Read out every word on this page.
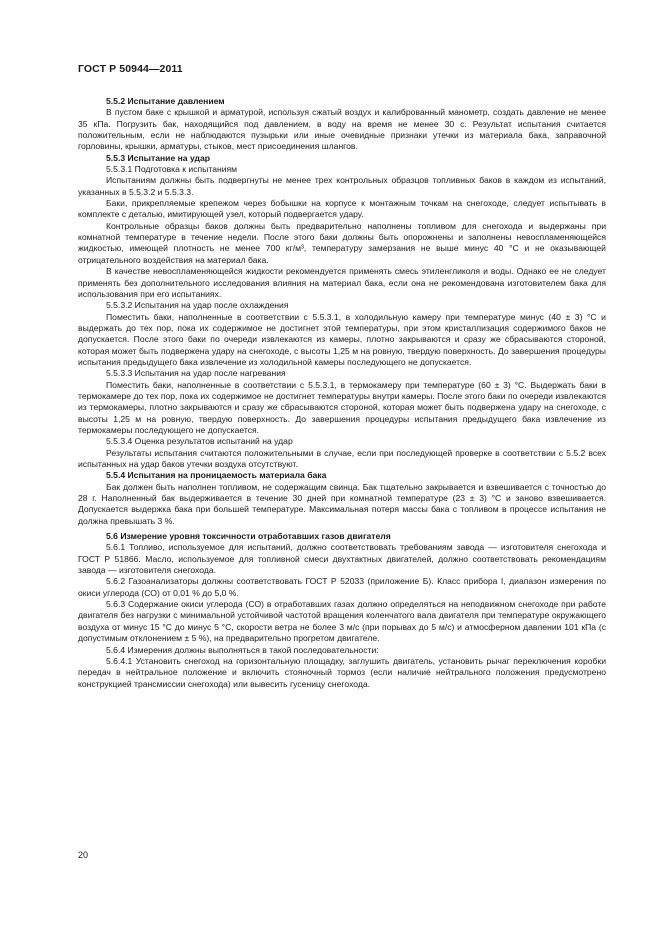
ГОСТ Р 50944—2011

5.5.2 Испытание давлением

В пустом баке с крышкой и арматурой, используя сжатый воздух и калиброванный манометр, создать давление не менее 35 кПа. Погрузить бак, находящийся под давлением, в воду на время не менее 30 с. Результат испытания считается положительным, если не наблюдаются пузырьки или иные очевидные признаки утечки из материала бака, заправочной горловины, крышки, арматуры, стыков, мест присоединения шлангов.

5.5.3 Испытание на удар

5.5.3.1 Подготовка к испытаниям

Испытаниям должны быть подвергнуты не менее трех контрольных образцов топливных баков в каждом из испытаний, указанных в 5.5.3.2 и 5.5.3.3.

Баки, прикрепляемые крепежом через бобышки на корпусе к монтажным точкам на снегоходе, следует испытывать в комплекте с деталью, имитирующей узел, который подвергается удару.

Контрольные образцы баков должны быть предварительно наполнены топливом для снегохода и выдержаны при комнатной температуре в течение недели. После этого баки должны быть опорожнены и заполнены невоспламеняющейся жидкостью, имеющей плотность не менее 700 кг/м³, температуру замерзания не выше минус 40 °С и не оказывающей отрицательного воздействия на материал бака.

В качестве невоспламеняющейся жидкости рекомендуется применять смесь этиленгликоля и воды. Однако ее не следует применять без дополнительного исследования влияния на материал бака, если она не рекомендована изготовителем бака для использования при его испытаниях.

5.5.3.2 Испытания на удар после охлаждения

Поместить баки, наполненные в соответствии с 5.5.3.1, в холодильную камеру при температуре минус (40 ± 3) °С и выдержать до тех пор, пока их содержимое не достигнет этой температуры, при этом кристаллизация содержимого баков не допускается. После этого баки по очереди извлекаются из камеры, плотно закрываются и сразу же сбрасываются стороной, которая может быть подвержена удару на снегоходе, с высоты 1,25 м на ровную, твердую поверхность. До завершения процедуры испытания предыдущего бака извлечение из холодильной камеры последующего не допускается.

5.5.3.3 Испытания на удар после нагревания

Поместить баки, наполненные в соответствии с 5.5.3.1, в термокамеру при температуре (60 ± 3) °С. Выдержать баки в термокамере до тех пор, пока их содержимое не достигнет температуры внутри камеры. После этого баки по очереди извлекаются из термокамеры, плотно закрываются и сразу же сбрасываются стороной, которая может быть подвержена удару на снегоходе, с высоты 1,25 м на ровную, твердую поверхность. До завершения процедуры испытания предыдущего бака извлечение из термокамеры последующего не допускается.

5.5.3.4 Оценка результатов испытаний на удар

Результаты испытания считаются положительными в случае, если при последующей проверке в соответствии с 5.5.2 всех испытанных на удар баков утечки воздуха отсутствуют.

5.5.4 Испытания на проницаемость материала бака

Бак должен быть наполнен топливом, не содержащим свинца. Бак тщательно закрывается и взвешивается с точностью до 28 г. Наполненный бак выдерживается в течение 30 дней при комнатной температуре (23 ± 3) °С и заново взвешивается. Допускается выдержка бака при большей температуре. Максимальная потеря массы бака с топливом в процессе испытания не должна превышать 3 %.

5.6 Измерение уровня токсичности отработавших газов двигателя

5.6.1 Топливо, используемое для испытаний, должно соответствовать требованиям завода — изготовителя снегохода и ГОСТ Р 51866. Масло, используемое для топливной смеси двухтактных двигателей, должно соответствовать рекомендациям завода — изготовителя снегохода.

5.6.2 Газоанализаторы должны соответствовать ГОСТ Р 52033 (приложение Б). Класс прибора I, диапазон измерения по окиси углерода (СО) от 0,01 % до 5,0 %.

5.6.3 Содержание окиси углерода (СО) в отработавших газах должно определяться на неподвижном снегоходе при работе двигателя без нагрузки с минимальной устойчивой частотой вращения коленчатого вала двигателя при температуре окружающего воздуха от минус 15 °С до минус 5 °С, скорости ветра не более 3 м/с (при порывах до 5 м/с) и атмосферном давлении 101 кПа (с допустимым отклонением ± 5 %), на предварительно прогретом двигателе.

5.6.4 Измерения должны выполняться в такой последовательности:

5.6.4.1 Установить снегоход на горизонтальную площадку, заглушить двигатель, установить рычаг переключения коробки передач в нейтральное положение и включить стояночный тормоз (если наличие нейтрального положения предусмотрено конструкцией трансмиссии снегохода) или вывесить гусеницу снегохода.

20
